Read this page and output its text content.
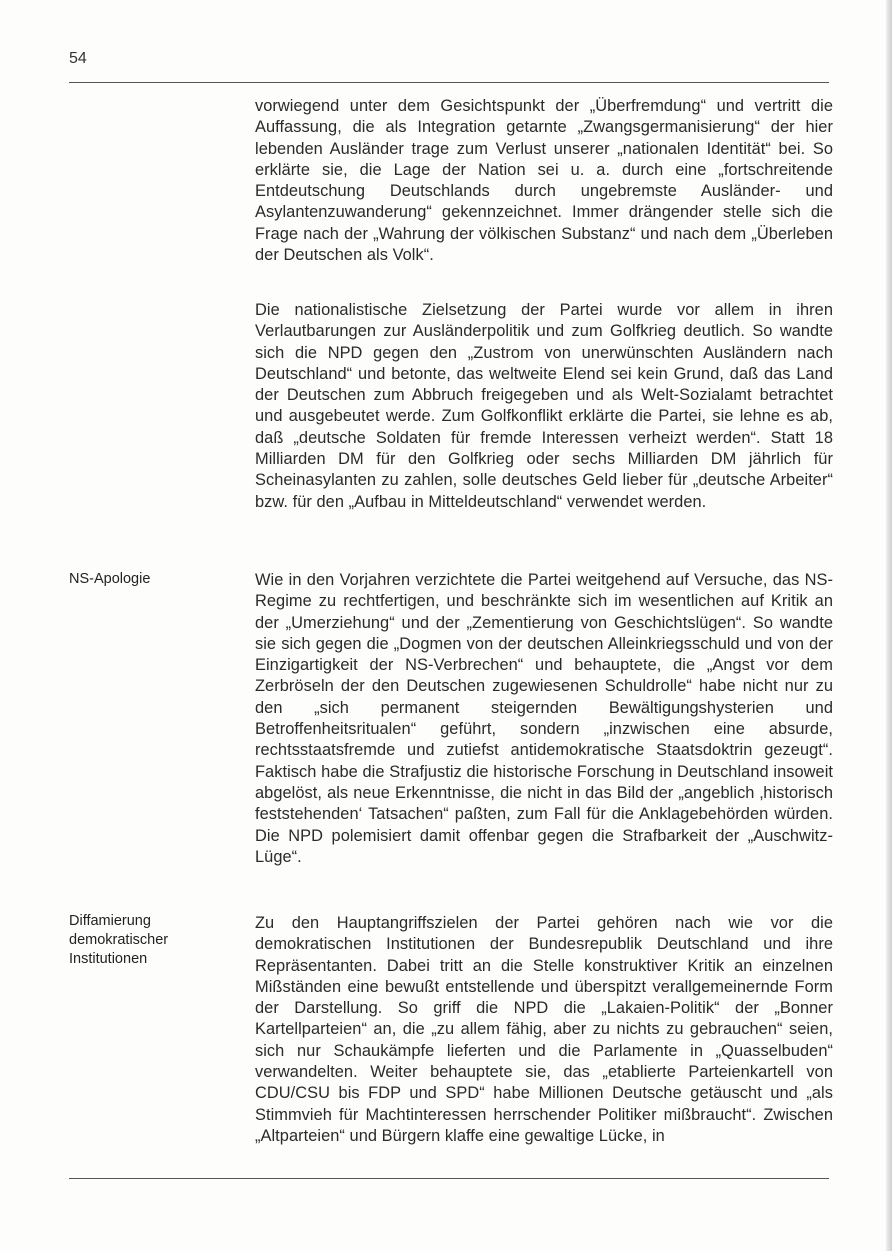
54
NS-Apologie
Diffamierung demokratischer Institutionen

vorwiegend unter dem Gesichtspunkt der „Überfremdung“ und vertritt die Auffassung, die als Integration getarnte „Zwangsgermanisierung“ der hier lebenden Ausländer trage zum Verlust unserer „nationalen Identität“ bei. So erklärte sie, die Lage der Nation sei u. a. durch eine „fortschreitende Entdeutschung Deutschlands durch ungebremste Ausländer- und Asylantenzuwanderung“ gekennzeichnet. Immer drängender stelle sich die Frage nach der „Wahrung der völkischen Substanz“ und nach dem „Überleben der Deutschen als Volk“.

Die nationalistische Zielsetzung der Partei wurde vor allem in ihren Verlautbarungen zur Ausländerpolitik und zum Golfkrieg deutlich. So wandte sich die NPD gegen den „Zustrom von unerwünschten Ausländern nach Deutschland“ und betonte, das weltweite Elend sei kein Grund, daß das Land der Deutschen zum Abbruch freigegeben und als Welt-Sozialamt betrachtet und ausgebeutet werde. Zum Golfkonflikt erklärte die Partei, sie lehne es ab, daß „deutsche Soldaten für fremde Interessen verheizt werden“. Statt 18 Milliarden DM für den Golfkrieg oder sechs Milliarden DM jährlich für Scheinasylanten zu zahlen, solle deutsches Geld lieber für „deutsche Arbeiter“ bzw. für den „Aufbau in Mitteldeutschland“ verwendet werden.

Wie in den Vorjahren verzichtete die Partei weitgehend auf Versuche, das NS-Regime zu rechtfertigen, und beschränkte sich im wesentlichen auf Kritik an der „Umerziehung“ und der „Zementierung von Geschichtslügen“. So wandte sie sich gegen die „Dogmen von der deutschen Alleinkriegsschuld und von der Einzigartigkeit der NS-Verbrechen“ und behauptete, die „Angst vor dem Zerbröseln der den Deutschen zugewiesenen Schuldrolle“ habe nicht nur zu den „sich permanent steigernden Bewältigungshysterien und Betroffenheitsritualen“ geführt, sondern „inzwischen eine absurde, rechtsstaatsfremde und zutiefst antidemokratische Staatsdoktrin gezeugt“. Faktisch habe die Strafjustiz die historische Forschung in Deutschland insoweit abgelöst, als neue Erkenntnisse, die nicht in das Bild der „angeblich ‚historisch feststehenden‘ Tatsachen“ paßten, zum Fall für die Anklagebehörden würden. Die NPD polemisiert damit offenbar gegen die Strafbarkeit der „Auschwitz-Lüge“.

Zu den Hauptangriffszielen der Partei gehören nach wie vor die demokratischen Institutionen der Bundesrepublik Deutschland und ihre Repräsentanten. Dabei tritt an die Stelle konstruktiver Kritik an einzelnen Mißständen eine bewußt entstellende und überspitzt verallgemeinernde Form der Darstellung. So griff die NPD die „Lakaien-Politik“ der „Bonner Kartellparteien“ an, die „zu allem fähig, aber zu nichts zu gebrauchen“ seien, sich nur Schaukämpfe lieferten und die Parlamente in „Quasselbuden“ verwandelten. Weiter behauptete sie, das „etablierte Parteienkartell von CDU/CSU bis FDP und SPD“ habe Millionen Deutsche getäuscht und „als Stimmvieh für Machtinteressen herrschender Politiker mißbraucht“. Zwischen „Altparteien“ und Bürgern klaffe eine gewaltige Lücke, in
